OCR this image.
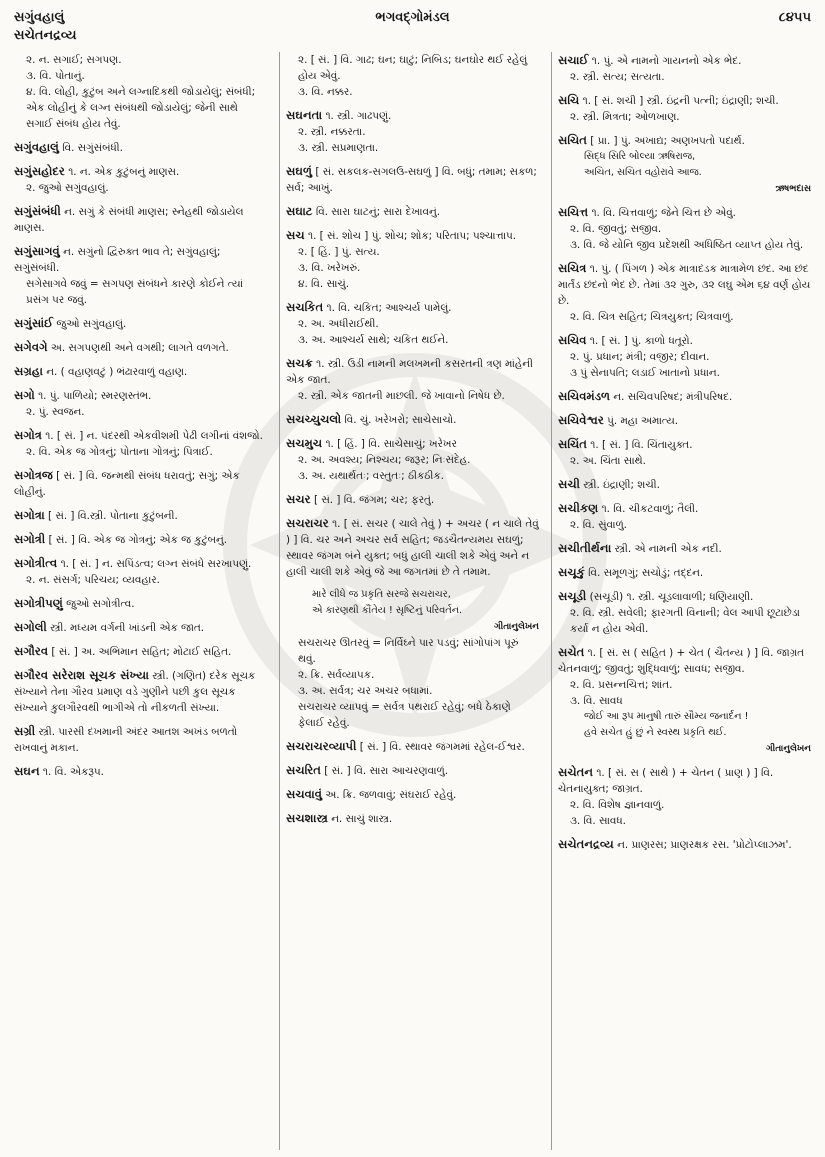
સગુંવહાલું
સચેતનદ્રવ્ય
ભગવદ્ગોમંડલ	૮૪૫૫
૨. ન. સગાઈ; સગપણ.
૩. વિ. પોતાનું.
૪. વિ. લોહી, કુટુંબ અને લગ્નાદિકથી જોડાયેલું; સંબંધી; એક લોહીનું કે લગ્ન સંબંધથી જોડાયેલું; જેની સાથે સગાઈ સંબંધ હોય તેવું.
સગુંવહાલું વિ. સગુંસંબંધી.
સગુંસહોદર ૧. ન. એક કુટુંબનું માણસ.
૨. જુઓ સગુંવહાલું.
સગુંસંબંધી ન. સગું કે સંબંધી માણસ; સ્નેહથી જોડાયેલ માણસ.
સગુંસાગવું ન. સગુંનો દ્વિરુક્ત ભાવ તે; સગુંવહાલું; સગુંસંબંધી.
સગેસાગવે જવું = સગપણ સંબંધને કારણે કોઈને ત્યાં પ્રસંગ પર જવું.
સગુંસાંઈ જુઓ સગુંવહાલું.
સગેવગે અ. સગપણથી અને વગથી; લાગતે વળગતે.
સગ્રહા ન. ( વહાણવટું ) ભંઢારવાળું વહાણ.
સગો ૧. પું. પાળિયો; સ્મરણસ્તંભ.
૨. પું. સ્વજન.
સગોત્ર ૧. [ સં. ] ન. પંદરથી એકવીશમી પેઢી લગીનાં વંશજો.
૨. વિ. એક જ ગોત્રનું; પોતાના ગોત્રનું; પિત્રાઈ.
સગોત્રજ [ સં. ] વિ. જન્મથી સંબંધ ધરાવતું; સગું; એક લોહીનું.
સગોત્રા [ સં. ] વિ.સ્ત્રી. પોતાના કુટુંબની.
સગોત્રી [ સં. ] વિ. એક જ ગોત્રનું; એક જ કુટુંબનું.
સગોત્રીત્વ ૧. [ સં. ] ન. સપિંડત્વ; લગ્ન સંબંધે સરખાપણું.
૨. ન. સંસર્ગ; પરિચય; વ્યવહાર.
સગોત્રીપણું જુઓ સગોત્રીત્વ.
સગોલી સ્ત્રી. મધ્યમ વર્ગની ખાંડની એક જાત.
સગૌરવ [ સં. ] અ. અભિમાન સહિત; મોટાઈ સહિત.
સગૌરવ સરેરાશ સૂચક સંખ્યા સ્ત્રી. (ગણિત) દરેક સૂચક સંખ્યાને તેના ગૌરવ પ્રમાણ વડે ગુણીને પછી કુલ સૂચક સંખ્યાને કુલગૌરવથી ભાગીએ તો નીકળતી સંખ્યા.
સગ્રી સ્ત્રી. પારસી દખમાની અંદર આતશ અખંડ બળતો રાખવાનું મકાન.
સઘન ૧. વિ. એકરૂપ.
૨. [ સં. ] વિ. ગાઢ; ઘન; ઘાટું; નિબિડ; ઘનઘોર થઈ રહેલું હોય એવું.
૩. વિ. નક્કર.
સઘનતા ૧. સ્ત્રી. ગાઢપણું.
૨. સ્ત્રી. નક્કરતા.
૩. સ્ત્રી. સપ્રમાણતા.
સઘળું [ સં. સકલક-સગલઉ-સઘળું ] વિ. બધું; તમામ; સકળ; સર્વ; આખું.
સઘાટ વિ. સારા ઘાટનું; સારા દેખાવનું.
સચ ૧. [ સં. શોચ ] પું. શોચ; શોક; પરિતાપ; પશ્ચાત્તાપ.
૨. [ હિં. ] પું. સત્ય.
૩. વિ. ખરેખરું.
૪. વિ. સાચું.
સચકિત ૧. વિ. ચકિત; આશ્ચર્ય પામેલું.
૨. અ. અધીરાઈથી.
૩. અ. આશ્ચર્ય સાથે; ચકિત થઈને.
સચક્ર ૧. સ્ત્રી. ઉડી નામની મલખમની કસરતની ત્રણ માંહેની એક જાત.
૨. સ્ત્રી. એક જાતની માછલી. જે ખાવાનો નિષેધ છે.
સચચ્ચુચલો વિ. ચું. ખરેખરો; સાચેસાચો.
સચમુચ ૧. [ હિં. ] વિ. સાચેસાચું; ખરેખર
૨. અ. અવશ્ય; નિશ્ચય; જરૂર; નિઃસંદેહ.
૩. અ. યથાર્થતઃ; વસ્તુતઃ; ઠીકઠીક.
સચર [ સં. ] વિ. જંગમ; ચર; ફરતું.
સચરાચર ૧. [ સં. સચર ( ચાલે તેવું ) + અચર ( ન ચાલે તેવું ) ] વિ. ચર અને અચર સર્વ સહિત; જડચૈતન્યમય સઘળું; સ્થાવર જંગમ બંને યુક્ત; બધું હાલી ચાલી શકે એવું અને ન હાલી ચાલી શકે એવું જે આ જગતમાં છે તે તમામ.
મારે લીધે જ પ્રકૃતિ સરજે સચરાચર,
એ કારણથી કૌંતેય ! સૃષ્ટિનું પરિવર્તન.
ગીતાનુલેખન
સચરાચર ઊતરવું = નિર્વિઘ્ને પાર પડવું; સાંગોપાંગ પૂરું થવું.
૨. ક્રિ. સર્વવ્યાપક.
૩. અ. સર્વત્ર; ચર અચર બધામાં.
સચરાચર વ્યાપવું = સર્વત્ર પથરાઈ રહેવું; બધે ઠેકાણે ફેલાઈ રહેવું.
સચરાચરવ્યાપી [ સં. ] વિ. સ્થાવર જંગમમાં રહેલ-ઈશ્વર.
સચરિત [ સં. ] વિ. સારા આચરણવાળું.
સચવાવું અ. ક્રિ. જળવાવું; સંઘરાઈ રહેવું.
સચશાસ્ત્ર ન. સાચું શાસ્ત્ર.
સચાઈ ૧. પું. એ નામનો ગાયનનો એક ભેદ.
૨. સ્ત્રી. સત્ય; સત્યતા.
સચિ ૧. [ સં. શચી ] સ્ત્રી. ઇંદ્રની પત્ની; ઇંદ્રાણી; શચી.
૨. સ્ત્રી. મિત્રતા; ઓળખાણ.
સચિત [ પ્રા. ] પું. અખાદ્ય; અણખપતો પદાર્થ.
સિદ્ધ સિરિ બોલ્યા ઋષિરાજ,
અચિત, સચિત વહોરાવે આજ.
ઋષભદાસ
સચિત્ત ૧. વિ. ચિત્તવાળું; જેને ચિત્ત છે એવું.
૨. વિ. જીવતું; સજીવ.
૩. વિ. જે યોનિ જીવ પ્રદેશથી અધિષ્ઠિત વ્યાપ્ત હોય તેવું.
સચિત્ર ૧. પું. ( પિંગળ ) એક માત્રાદંડક માત્રામેળ છંદ. આ છંદ માર્તંડ છંદનો ભેદ છે. તેમાં ૩૨ ગુરુ, ૩૨ લઘુ એમ ૬૪ વર્ણ હોય છે.
૨. વિ. ચિત્ર સહિત; ચિત્રયુક્ત; ચિત્રવાળું.
સચિવ ૧. [ સં. ] પું. કાળો ધતૂરો.
૨. પું. પ્રધાન; મંત્રી; વજીર; દીવાન.
૩ પું સેનાપતિ; લડાઈ ખાતાનો પ્રધાન.
સચિવમંડળ ન. સચિવપરિષદ; મંત્રીપરિષદ.
સચિવેશ્વર પું. મહા અમાત્ય.
સચિંત ૧. [ સં. ] વિ. ચિંતાયુક્ત.
૨. અ. ચિંતા સાથે.
સચી સ્ત્રી. ઇંદ્રાણી; શચી.
સચીકણ ૧. વિ. ચીકટવાળું; તૈલી.
૨. વિ. સુંવાળું.
સચીતીર્થના સ્ત્રી. એ નામની એક નદી.
સચૂકું વિ. સમૂળગું; સચોડું; તદ્દન.
સચૂડી (સચૂડી) ૧. સ્ત્રી. ચૂડલાવાળી; ધણિયાણી.
૨. વિ. સ્ત્રી. સવેલી; ફારગતી વિનાની; વેલ આપી છૂટાછેડા કર્યા ન હોય એવી.
સચેત ૧. [ સં. સ ( સહિત ) + ચેત ( ચૈતન્ય ) ] વિ. જાગ્રત ચેતનવાળું; જીવતું; શુદ્ધિવાળું; સાવધ; સજીવ.
૨. વિ. પ્રસન્નચિત્ત; શાંત.
૩. વિ. સાવધ
જોઈ આ રૂપ માનુષી તારું સૌમ્ય જનાર્દન !
હવે સચેત હું છું ને સ્વસ્થ પ્રકૃતિ થઈ.
ગીતાનુલેખન
સચેતન ૧. [ સં. સ ( સાથે ) + ચેતન ( પ્રાણ ) ] વિ. ચેતનાયુક્ત; જાગ્રત.
૨. વિ. વિશેષ જ્ઞાનવાળું.
૩. વિ. સાવધ.
સચેતનદ્રવ્ય ન. પ્રાણરસ; પ્રાણરક્ષક રસ. 'પ્રોટોપ્લાઝમ'.
